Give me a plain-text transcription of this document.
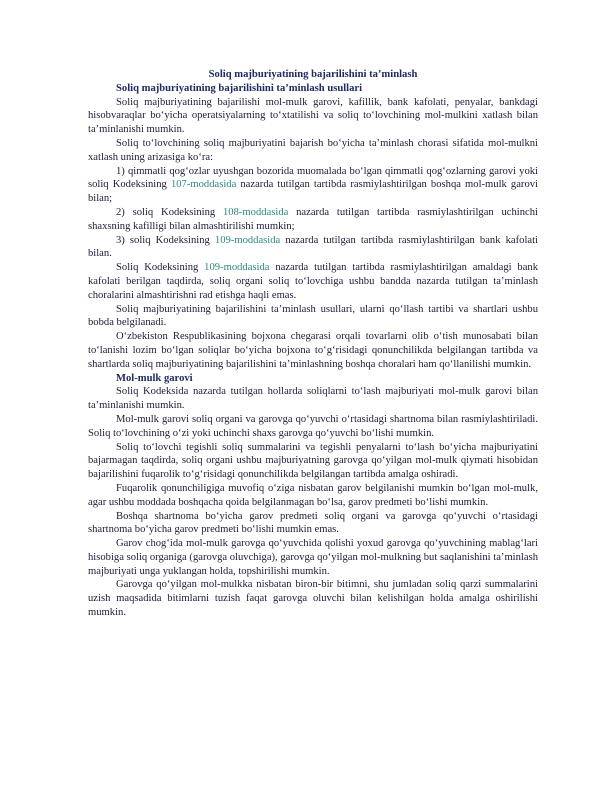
Soliq majburiyatining bajarilishini ta’minlash

Soliq majburiyatining bajarilishini ta’minlash usullari

Soliq majburiyatining bajarilishi mol-mulk garovi, kafillik, bank kafolati, penyalar, bankdagi hisobvaraqlar bo‘yicha operatsiyalarning to‘xtatilishi va soliq to‘lovchining mol-mulkini xatlash bilan ta’minlanishi mumkin.

Soliq to‘lovchining soliq majburiyatini bajarish bo‘yicha ta’minlash chorasi sifatida mol-mulkni xatlash uning arizasiga ko‘ra:

1) qimmatli qog‘ozlar uyushgan bozorida muomalada bo‘lgan qimmatli qog‘ozlarning garovi yoki soliq Kodeksining 107-moddasida nazarda tutilgan tartibda rasmiylashtirilgan boshqa mol-mulk garovi bilan;

2) soliq Kodeksining 108-moddasida nazarda tutilgan tartibda rasmiylashtirilgan uchinchi shaxsning kafilligi bilan almashtirilishi mumkin;

3) soliq Kodeksining 109-moddasida nazarda tutilgan tartibda rasmiylashtirilgan bank kafolati bilan.

Soliq Kodeksining 109-moddasida nazarda tutilgan tartibda rasmiylashtirilgan amaldagi bank kafolati berilgan taqdirda, soliq organi soliq to‘lovchiga ushbu bandda nazarda tutilgan ta’minlash choralarini almashtirishni rad etishga haqli emas.

Soliq majburiyatining bajarilishini ta’minlash usullari, ularni qo‘llash tartibi va shartlari ushbu bobda belgilanadi.

O‘zbekiston Respublikasining bojxona chegarasi orqali tovarlarni olib o‘tish munosabati bilan to‘lanishi lozim bo‘lgan soliqlar bo‘yicha bojxona to‘g‘risidagi qonunchilikda belgilangan tartibda va shartlarda soliq majburiyatining bajarilishini ta’minlashning boshqa choralari ham qo‘llanilishi mumkin.

Mol-mulk garovi

Soliq Kodeksida nazarda tutilgan hollarda soliqlarni to‘lash majburiyati mol-mulk garovi bilan ta’minlanishi mumkin.

Mol-mulk garovi soliq organi va garovga qo‘yuvchi o‘rtasidagi shartnoma bilan rasmiylashtiriladi. Soliq to‘lovchining o‘zi yoki uchinchi shaxs garovga qo‘yuvchi bo‘lishi mumkin.

Soliq to‘lovchi tegishli soliq summalarini va tegishli penyalarni to‘lash bo‘yicha majburiyatini bajarmagan taqdirda, soliq organi ushbu majburiyatning garovga qo‘yilgan mol-mulk qiymati hisobidan bajarilishini fuqarolik to‘g‘risidagi qonunchilikda belgilangan tartibda amalga oshiradi.

Fuqarolik qonunchiligiga muvofiq o‘ziga nisbatan garov belgilanishi mumkin bo‘lgan mol-mulk, agar ushbu moddada boshqacha qoida belgilanmagan bo‘lsa, garov predmeti bo‘lishi mumkin.

Boshqa shartnoma bo‘yicha garov predmeti soliq organi va garovga qo‘yuvchi o‘rtasidagi shartnoma bo‘yicha garov predmeti bo‘lishi mumkin emas.

Garov chog‘ida mol-mulk garovga qo‘yuvchida qolishi yoxud garovga qo‘yuvchining mablag‘lari hisobiga soliq organiga (garovga oluvchiga), garovga qo‘yilgan mol-mulkning but saqlanishini ta’minlash majburiyati unga yuklangan holda, topshirilishi mumkin.

Garovga qo‘yilgan mol-mulkka nisbatan biron-bir bitimni, shu jumladan soliq qarzi summalarini uzish maqsadida bitimlarni tuzish faqat garovga oluvchi bilan kelishilgan holda amalga oshirilishi mumkin.
